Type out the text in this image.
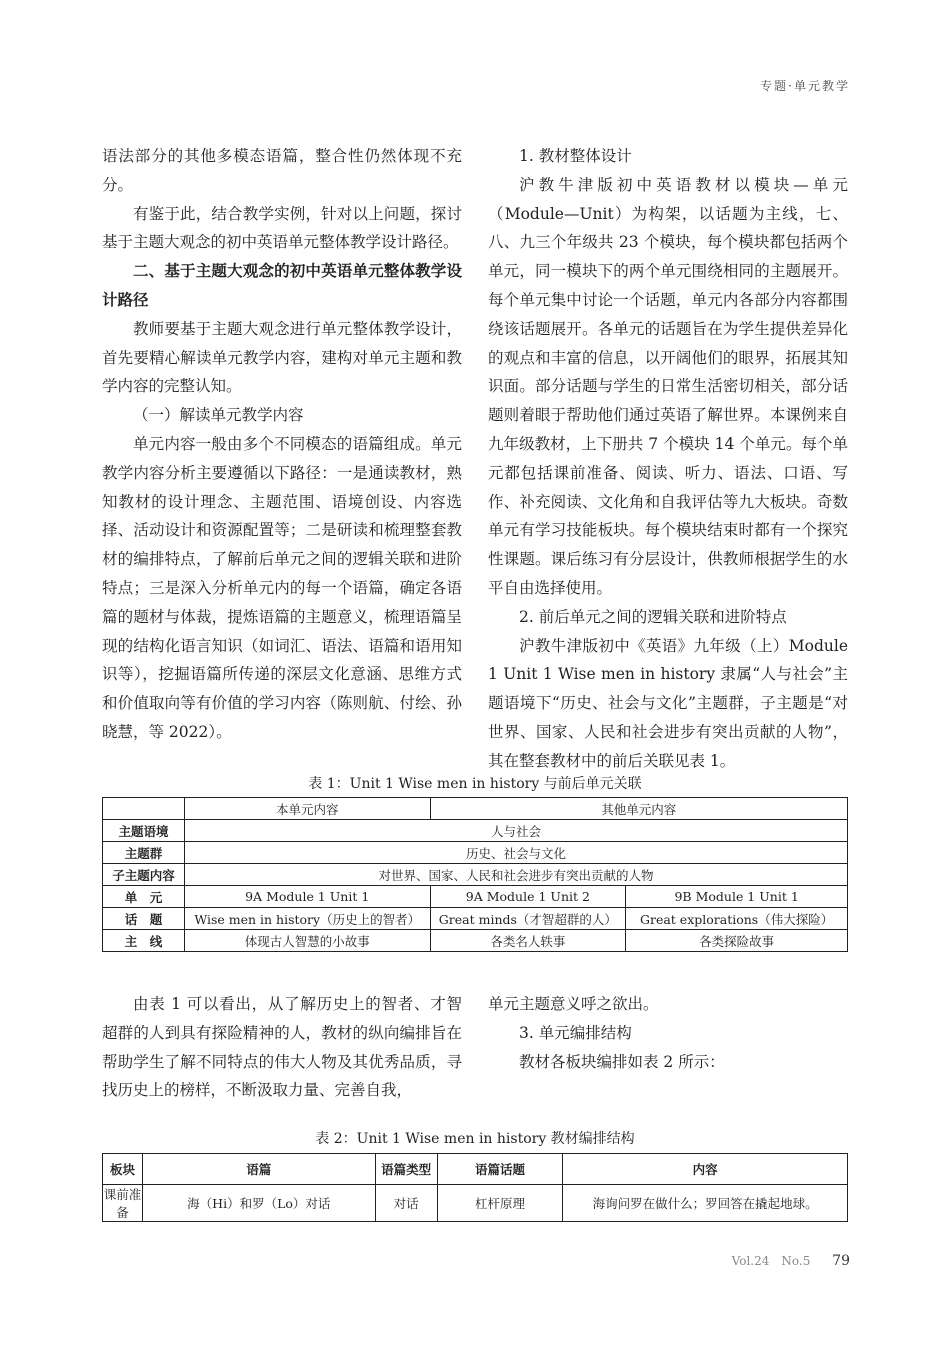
专题·单元教学

语法部分的其他多模态语篇，整合性仍然体现不充分。

有鉴于此，结合教学实例，针对以上问题，探讨基于主题大观念的初中英语单元整体教学设计路径。

二、基于主题大观念的初中英语单元整体教学设计路径

教师要基于主题大观念进行单元整体教学设计，首先要精心解读单元教学内容，建构对单元主题和教学内容的完整认知。

（一）解读单元教学内容

单元内容一般由多个不同模态的语篇组成。单元教学内容分析主要遵循以下路径：一是通读教材，熟知教材的设计理念、主题范围、语境创设、内容选择、活动设计和资源配置等；二是研读和梳理整套教材的编排特点，了解前后单元之间的逻辑关联和进阶特点；三是深入分析单元内的每一个语篇，确定各语篇的题材与体裁，提炼语篇的主题意义，梳理语篇呈现的结构化语言知识（如词汇、语法、语篇和语用知识等），挖掘语篇所传递的深层文化意涵、思维方式和价值取向等有价值的学习内容（陈则航、付绘、孙晓慧，等 2022）。

1. 教材整体设计

沪教牛津版初中英语教材以模块—单元（Module—Unit）为构架，以话题为主线，七、八、九三个年级共 23 个模块，每个模块都包括两个单元，同一模块下的两个单元围绕相同的主题展开。每个单元集中讨论一个话题，单元内各部分内容都围绕该话题展开。各单元的话题旨在为学生提供差异化的观点和丰富的信息，以开阔他们的眼界，拓展其知识面。部分话题与学生的日常生活密切相关，部分话题则着眼于帮助他们通过英语了解世界。本课例来自九年级教材，上下册共 7 个模块 14 个单元。每个单元都包括课前准备、阅读、听力、语法、口语、写作、补充阅读、文化角和自我评估等九大板块。奇数单元有学习技能板块。每个模块结束时都有一个探究性课题。课后练习有分层设计，供教师根据学生的水平自由选择使用。

2. 前后单元之间的逻辑关联和进阶特点

沪教牛津版初中《英语》九年级（上）Module 1 Unit 1 Wise men in history 隶属“人与社会”主题语境下“历史、社会与文化”主题群，子主题是“对世界、国家、人民和社会进步有突出贡献的人物”，其在整套教材中的前后关联见表 1。

表 1：Unit 1 Wise men in history 与前后单元关联
	本单元内容	其他单元内容	
主题语境	人与社会		
主题群	历史、社会与文化		
子主题内容	对世界、国家、人民和社会进步有突出贡献的人物		
单　元	9A Module 1 Unit 1	9A Module 1 Unit 2	9B Module 1 Unit 1
话　题	Wise men in history（历史上的智者）	Great minds（才智超群的人）	Great explorations（伟大探险）
主　线	体现古人智慧的小故事	各类名人轶事	各类探险故事

由表 1 可以看出，从了解历史上的智者、才智超群的人到具有探险精神的人，教材的纵向编排旨在帮助学生了解不同特点的伟大人物及其优秀品质，寻找历史上的榜样，不断汲取力量、完善自我，

单元主题意义呼之欲出。

3. 单元编排结构

教材各板块编排如表 2 所示：

表 2：Unit 1 Wise men in history 教材编排结构
板块	语篇	语篇类型	语篇话题	内容
课前准备	海（Hi）和罗（Lo）对话	对话	杠杆原理	海询问罗在做什么；罗回答在撬起地球。
Vol.24　No.5 79
